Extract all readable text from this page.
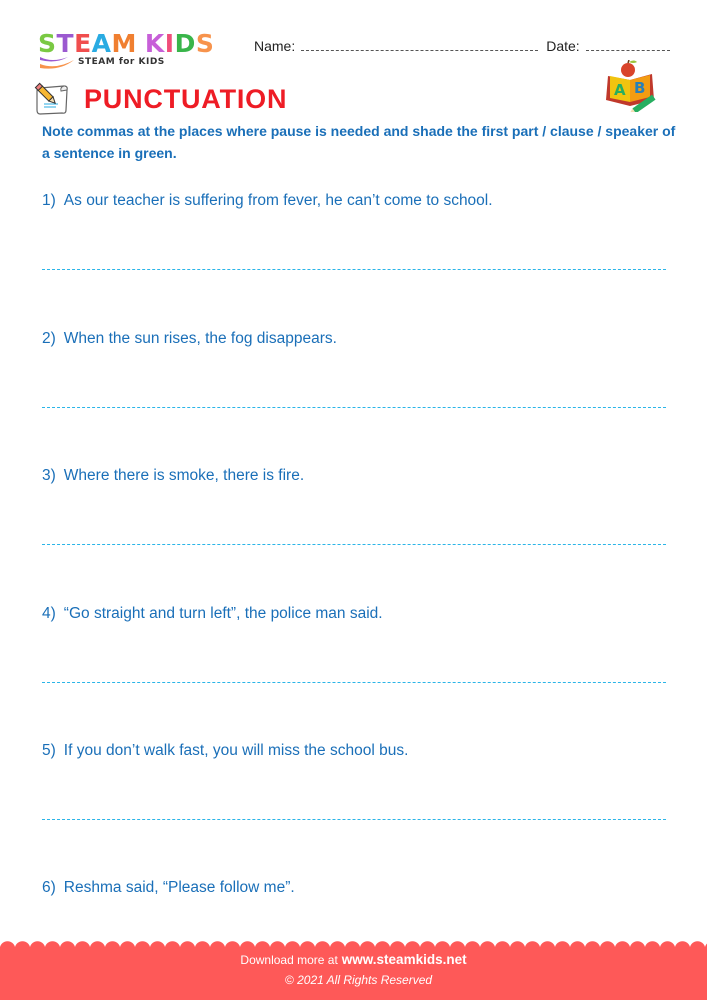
STEAM KIDS
STEAM for KIDS
Name:	Date:
PUNCTUATION	A B
Note commas at the places where pause is needed and shade the first part / clause / speaker of a sentence in green.
1) As our teacher is suffering from fever, he can’t come to school.
2) When the sun rises, the fog disappears.
3) Where there is smoke, there is fire.
4) “Go straight and turn left”, the police man said.
5) If you don’t walk fast, you will miss the school bus.
6) Reshma said, “Please follow me”.
Download more at www.steamkids.net
© 2021 All Rights Reserved
